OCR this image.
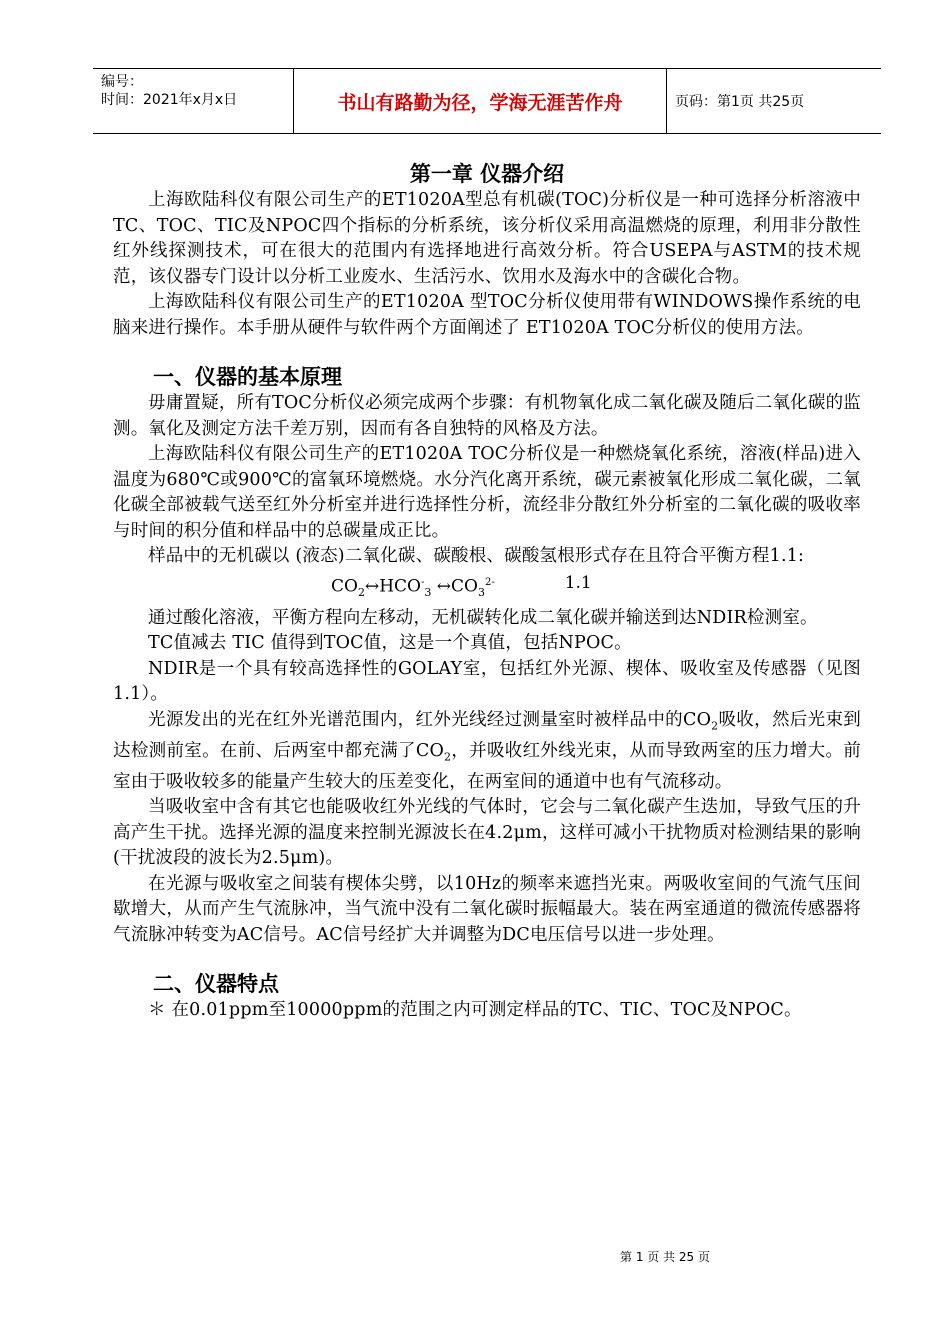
编号：
时间：2021年x月x日	书山有路勤为径，学海无涯苦作舟	页码：第1页 共25页
第一章 仪器介绍

上海欧陆科仪有限公司生产的ET1020A型总有机碳(TOC)分析仪是一种可选择分析溶液中TC、TOC、TIC及NPOC四个指标的分析系统，该分析仪采用高温燃烧的原理，利用非分散性红外线探测技术，可在很大的范围内有选择地进行高效分析。符合USEPA与ASTM的技术规范，该仪器专门设计以分析工业废水、生活污水、饮用水及海水中的含碳化合物。

上海欧陆科仪有限公司生产的ET1020A 型TOC分析仪使用带有WINDOWS操作系统的电脑来进行操作。本手册从硬件与软件两个方面阐述了 ET1020A TOC分析仪的使用方法。

一、仪器的基本原理

毋庸置疑，所有TOC分析仪必须完成两个步骤：有机物氧化成二氧化碳及随后二氧化碳的监测。氧化及测定方法千差万别，因而有各自独特的风格及方法。

上海欧陆科仪有限公司生产的ET1020A TOC分析仪是一种燃烧氧化系统，溶液(样品)进入温度为680℃或900℃的富氧环境燃烧。水分汽化离开系统，碳元素被氧化形成二氧化碳，二氧化碳全部被载气送至红外分析室并进行选择性分析，流经非分散红外分析室的二氧化碳的吸收率与时间的积分值和样品中的总碳量成正比。

样品中的无机碳以 (液态)二氧化碳、碳酸根、碳酸氢根形式存在且符合平衡方程1.1:

$CO_2\leftrightarrow HCO^-_3$ $\leftrightarrow CO_3^{2-}$	1.1

通过酸化溶液，平衡方程向左移动，无机碳转化成二氧化碳并输送到达NDIR检测室。

TC值减去 TIC 值得到TOC值，这是一个真值，包括NPOC。

NDIR是一个具有较高选择性的GOLAY室，包括红外光源、楔体、吸收室及传感器（见图1.1）。

光源发出的光在红外光谱范围内，红外光线经过测量室时被样品中的$CO_2$吸收，然后光束到达检测前室。在前、后两室中都充满了$CO_2$，并吸收红外线光束，从而导致两室的压力增大。前室由于吸收较多的能量产生较大的压差变化，在两室间的通道中也有气流移动。

当吸收室中含有其它也能吸收红外光线的气体时，它会与二氧化碳产生迭加，导致气压的升高产生干扰。选择光源的温度来控制光源波长在4.2μm，这样可减小干扰物质对检测结果的影响(干扰波段的波长为2.5μm)。

在光源与吸收室之间装有楔体尖劈，以10Hz的频率来遮挡光束。两吸收室间的气流气压间歇增大，从而产生气流脉冲，当气流中没有二氧化碳时振幅最大。装在两室通道的微流传感器将气流脉冲转变为AC信号。AC信号经扩大并调整为DC电压信号以进一步处理。

二、仪器特点

＊ 在0.01ppm至10000ppm的范围之内可测定样品的TC、TIC、TOC及NPOC。

第 1 页 共 25 页
